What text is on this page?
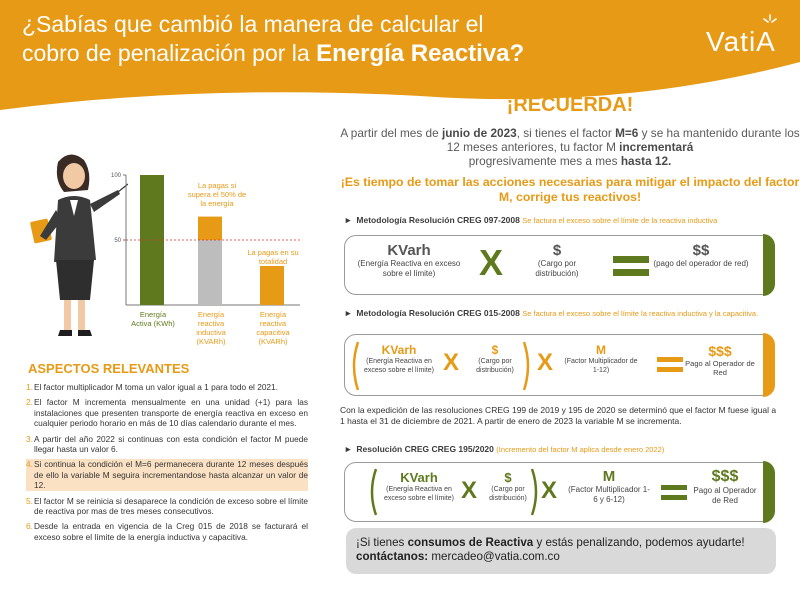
¿Sabías que cambió la manera de calcular el
cobro de penalización por la Energía Reactiva?	VatiA
100
50
La pagas si supera el 50% de la energía
La pagas en su totalidad
Energía Activa (KWh)
Energía reactiva inductiva (KVARh)
Energía reactiva capacitiva (KVARh)
ASPECTOS RELEVANTES
1. El factor multiplicador M toma un valor igual a 1 para todo el 2021.
2. El factor M incrementa mensualmente en una unidad (+1) para las instalaciones que presenten transporte de energía reactiva en exceso en cualquier periodo horario en más de 10 días calendario durante el mes.
3. A partir del año 2022 si continuas con esta condición el factor M puede llegar hasta un valor 6.
4. Si continua la condición el M=6 permanecera durante 12 meses después de ello la variable M seguira incrementandose hasta alcanzar un valor de 12.
5. El factor M se reinicia si desaparece la condición de exceso sobre el límite de reactiva por mas de tres meses consecutivos.
6. Desde la entrada en vigencia de la Creg 015 de 2018 se facturará el exceso sobre el límite de la energía inductiva y capacitiva.
¡RECUERDA!
A partir del mes de junio de 2023, si tienes el factor M=6 y se ha mantenido durante los 12 meses anteriores, tu factor M incrementará
progresivamente mes a mes hasta 12.
¡Es tiempo de tomar las acciones necesarias para mitigar el impacto del factor M, corrige tus reactivos!
► Metodología Resolución CREG 097-2008 Se factura el exceso sobre el límite de la reactiva inductiva
KVarh
(Energía Reactiva en exceso sobre el límite)	X	$
(Cargo por distribución)
$$
(pago del operador de red)
► Metodología Resolución CREG 015-2008 Se factura el exceso sobre el límite la reactiva inductiva y la capacitiva.
KVarh
(Energía Reactiva en exceso sobre el límite) X	$
(Cargo por distribución) X	M
(Factor Multiplicador de 1-12)
$$$
Pago al Operador de Red
Con la expedición de las resoluciones CREG 199 de 2019 y 195 de 2020 se determinó que el factor M fuese igual a 1 hasta el 31 de diciembre de 2021. A partir de enero de 2023 la variable M se incrementa.
► Resolución CREG CREG 195/2020 (Incremento del factor M aplica desde enero 2022)
KVarh
(Energía Reactiva en exceso sobre el límite) X	$
(Cargo por distribución) X
M
(Factor Multiplicador 1-6 y 6-12)
$$$
Pago al Operador de Red
¡Si tienes consumos de Reactiva y estás penalizando, podemos ayudarte!
contáctanos: mercadeo@vatia.com.co
